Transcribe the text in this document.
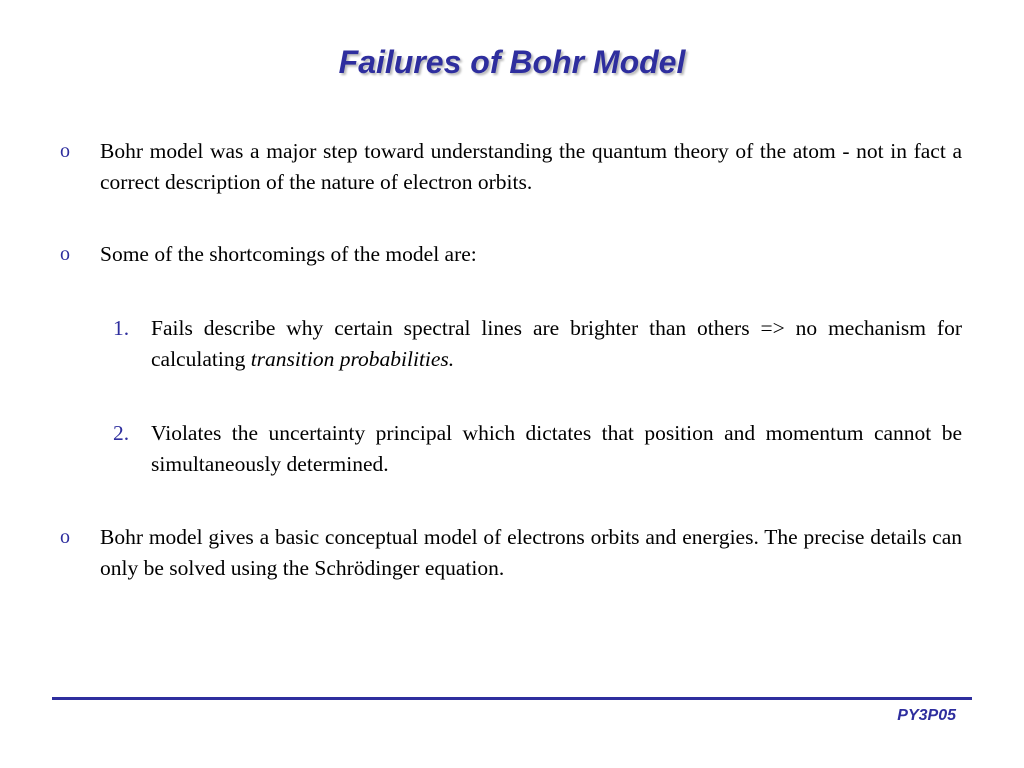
Failures of Bohr Model
o	Bohr model was a major step toward understanding the quantum theory of the atom - not in fact a correct description of the nature of electron orbits.
o	Some of the shortcomings of the model are:
1.	Fails describe why certain spectral lines are brighter than others => no mechanism for calculating transition probabilities.
2.	Violates the uncertainty principal which dictates that position and momentum cannot be simultaneously determined.
o	Bohr model gives a basic conceptual model of electrons orbits and energies. The precise details can only be solved using the Schrödinger equation.
PY3P05
